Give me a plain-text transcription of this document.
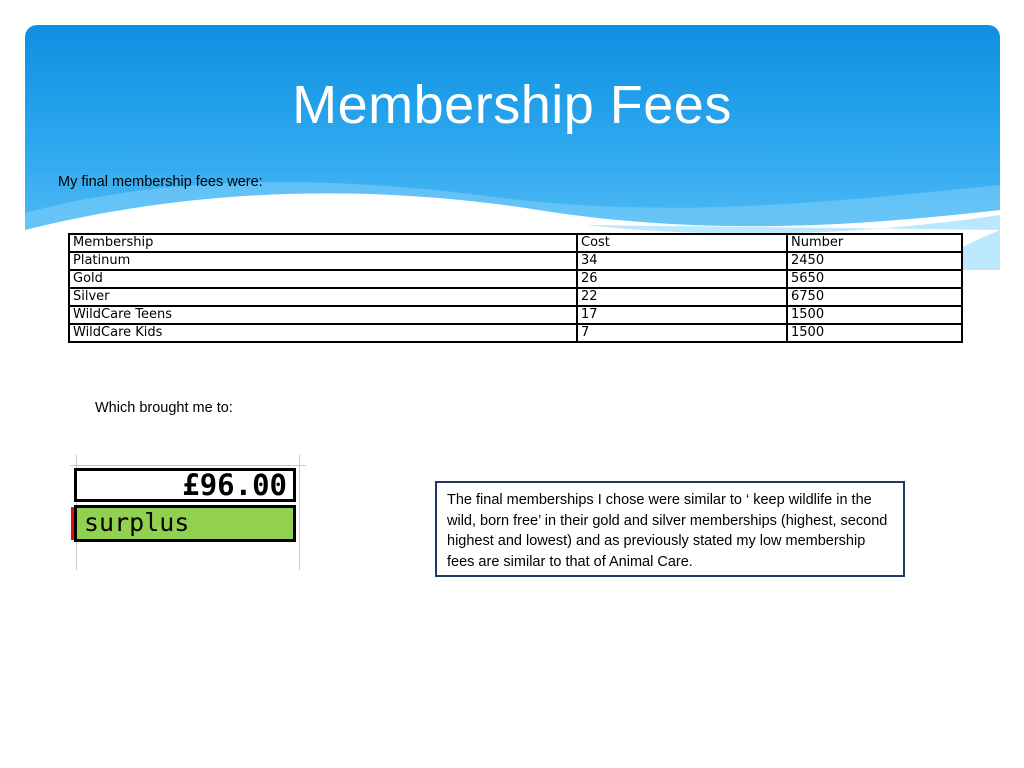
Membership Fees
My final membership fees were:
Membership	Cost	Number
Platinum	34	2450
Gold	26	5650
Silver	22	6750
WildCare Teens	17	1500
WildCare Kids	7	1500
Which brought me to:
£96.00
surplus
The final memberships I chose were similar to ‘ keep wildlife in the wild, born free’ in their gold and silver memberships (highest, second highest and lowest) and as previously stated my low membership fees are similar to that of Animal Care.
